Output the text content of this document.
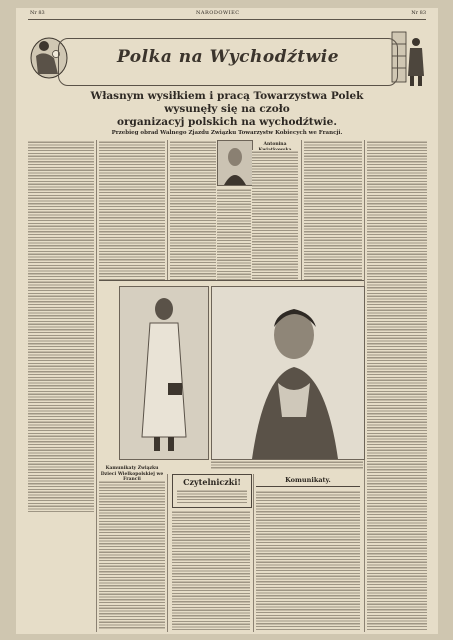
Nr 83	NARODOWIEC	Nr 83
Polka na Wychodźtwie
Własnym wysiłkiem i pracą Towarzystwa Polek wysunęły się na czoło
organizacyj polskich na wychodźtwie.
Przebieg obrad Walnego Zjazdu Związku Towarzystw Kobiecych we Francji.
Antonina
Kamunikaty Związku
Dzieci Wielkopolskiej we
Czytelniczki!	Komunikaty.
